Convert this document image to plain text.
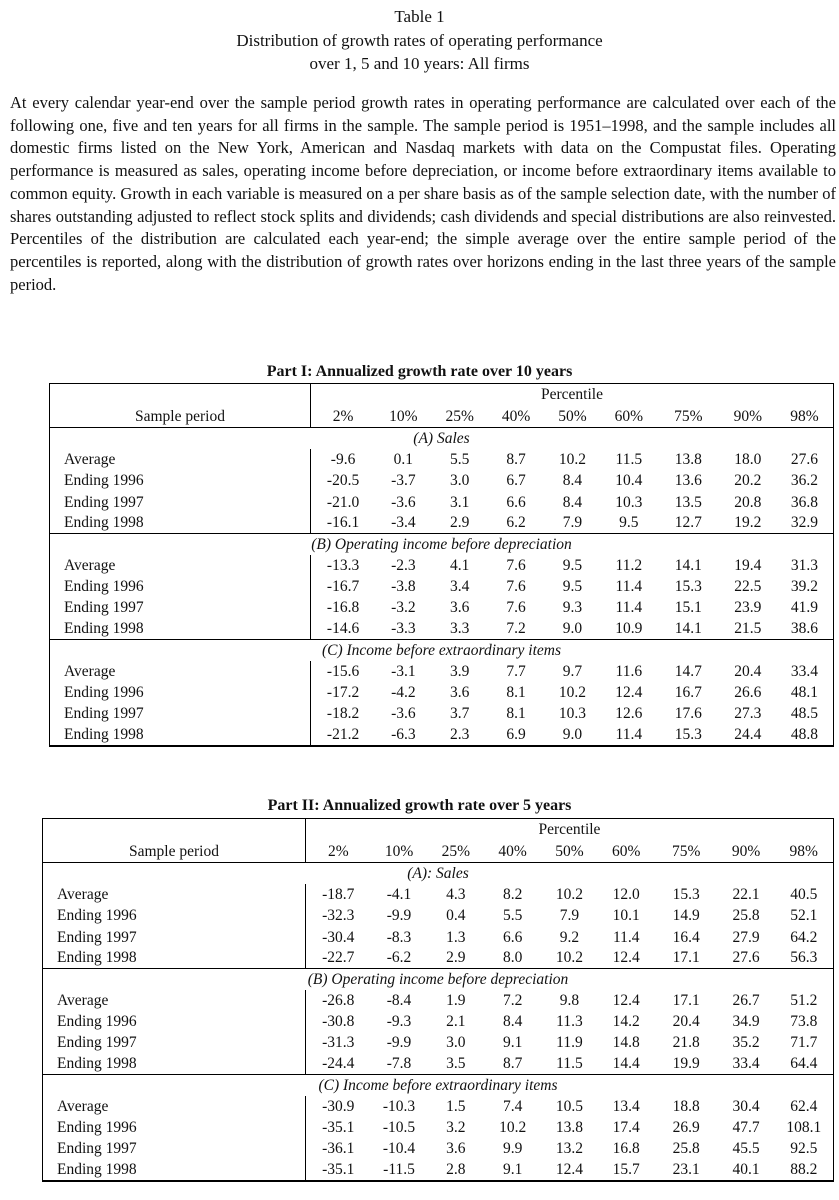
Table 1
Distribution of growth rates of operating performance
over 1, 5 and 10 years: All firms

At every calendar year-end over the sample period growth rates in operating performance are calculated over each of the following one, five and ten years for all firms in the sample. The sample period is 1951–1998, and the sample includes all domestic firms listed on the New York, American and Nasdaq markets with data on the Compustat files. Operating performance is measured as sales, operating income before depreciation, or income before extraordinary items available to common equity. Growth in each variable is measured on a per share basis as of the sample selection date, with the number of shares outstanding adjusted to reflect stock splits and dividends; cash dividends and special distributions are also reinvested. Percentiles of the distribution are calculated each year-end; the simple average over the entire sample period of the percentiles is reported, along with the distribution of growth rates over horizons ending in the last three years of the sample period.

Part I: Annualized growth rate over 10 years
	Percentile								
Sample period	2%	10%	25%	40%	50%	60%	75%	90%	98%
(A) Sales									
Average	-9.6	0.1	5.5	8.7	10.2	11.5	13.8	18.0	27.6
Ending 1996	-20.5	-3.7	3.0	6.7	8.4	10.4	13.6	20.2	36.2
Ending 1997	-21.0	-3.6	3.1	6.6	8.4	10.3	13.5	20.8	36.8
Ending 1998	-16.1	-3.4	2.9	6.2	7.9	9.5	12.7	19.2	32.9
(B) Operating income before depreciation									
Average	-13.3	-2.3	4.1	7.6	9.5	11.2	14.1	19.4	31.3
Ending 1996	-16.7	-3.8	3.4	7.6	9.5	11.4	15.3	22.5	39.2
Ending 1997	-16.8	-3.2	3.6	7.6	9.3	11.4	15.1	23.9	41.9
Ending 1998	-14.6	-3.3	3.3	7.2	9.0	10.9	14.1	21.5	38.6
(C) Income before extraordinary items									
Average	-15.6	-3.1	3.9	7.7	9.7	11.6	14.7	20.4	33.4
Ending 1996	-17.2	-4.2	3.6	8.1	10.2	12.4	16.7	26.6	48.1
Ending 1997	-18.2	-3.6	3.7	8.1	10.3	12.6	17.6	27.3	48.5
Ending 1998	-21.2	-6.3	2.3	6.9	9.0	11.4	15.3	24.4	48.8
Part II: Annualized growth rate over 5 years
	Percentile								
Sample period	2%	10%	25%	40%	50%	60%	75%	90%	98%
(A): Sales									
Average	-18.7	-4.1	4.3	8.2	10.2	12.0	15.3	22.1	40.5
Ending 1996	-32.3	-9.9	0.4	5.5	7.9	10.1	14.9	25.8	52.1
Ending 1997	-30.4	-8.3	1.3	6.6	9.2	11.4	16.4	27.9	64.2
Ending 1998	-22.7	-6.2	2.9	8.0	10.2	12.4	17.1	27.6	56.3
(B) Operating income before depreciation									
Average	-26.8	-8.4	1.9	7.2	9.8	12.4	17.1	26.7	51.2
Ending 1996	-30.8	-9.3	2.1	8.4	11.3	14.2	20.4	34.9	73.8
Ending 1997	-31.3	-9.9	3.0	9.1	11.9	14.8	21.8	35.2	71.7
Ending 1998	-24.4	-7.8	3.5	8.7	11.5	14.4	19.9	33.4	64.4
(C) Income before extraordinary items									
Average	-30.9	-10.3	1.5	7.4	10.5	13.4	18.8	30.4	62.4
Ending 1996	-35.1	-10.5	3.2	10.2	13.8	17.4	26.9	47.7	108.1
Ending 1997	-36.1	-10.4	3.6	9.9	13.2	16.8	25.8	45.5	92.5
Ending 1998	-35.1	-11.5	2.8	9.1	12.4	15.7	23.1	40.1	88.2
